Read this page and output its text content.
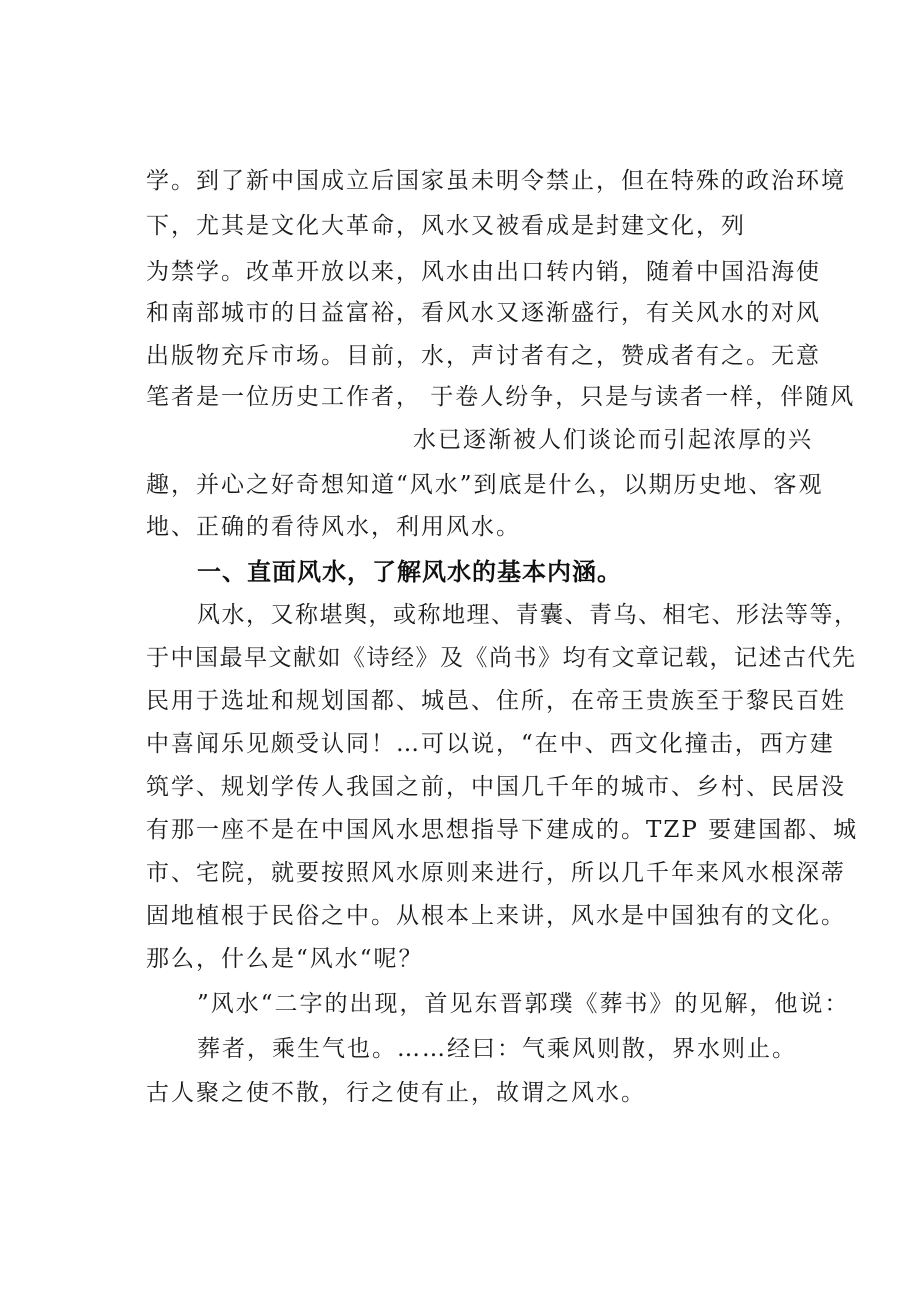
学。到了新中国成立后国家虽未明令禁止，但在特殊的政治环境

下，尤其是文化大革命，风水又被看成是封建文化，列

为禁学。改革开放以来，风水由出口转内销，随着中国沿海使

和南部城市的日益富裕，看风水又逐渐盛行，有关风水的对风

出版物充斥市场。目前，水，声讨者有之，赞成者有之。无意

笔者是一位历史工作者， 于卷人纷争，只是与读者一样，伴随风

水已逐渐被人们谈论而引起浓厚的兴

趣，并心之好奇想知道“风水”到底是什么，以期历史地、客观

地、正确的看待风水，利用风水。

一、直面风水，了解风水的基本内涵。

风水，又称堪舆，或称地理、青囊、青乌、相宅、形法等等，

于中国最早文献如《诗经》及《尚书》均有文章记载，记述古代先

民用于选址和规划国都、城邑、住所，在帝王贵族至于黎民百姓

中喜闻乐见颇受认同！…可以说，“在中、西文化撞击，西方建

筑学、规划学传人我国之前，中国几千年的城市、乡村、民居没

有那一座不是在中国风水思想指导下建成的。TZP 要建国都、城

市、宅院，就要按照风水原则来进行，所以几千年来风水根深蒂

固地植根于民俗之中。从根本上来讲，风水是中国独有的文化。

那么，什么是“风水“呢？

”风水“二字的出现，首见东晋郭璞《葬书》的见解，他说：

葬者，乘生气也。……经曰：气乘风则散，界水则止。

古人聚之使不散，行之使有止，故谓之风水。
